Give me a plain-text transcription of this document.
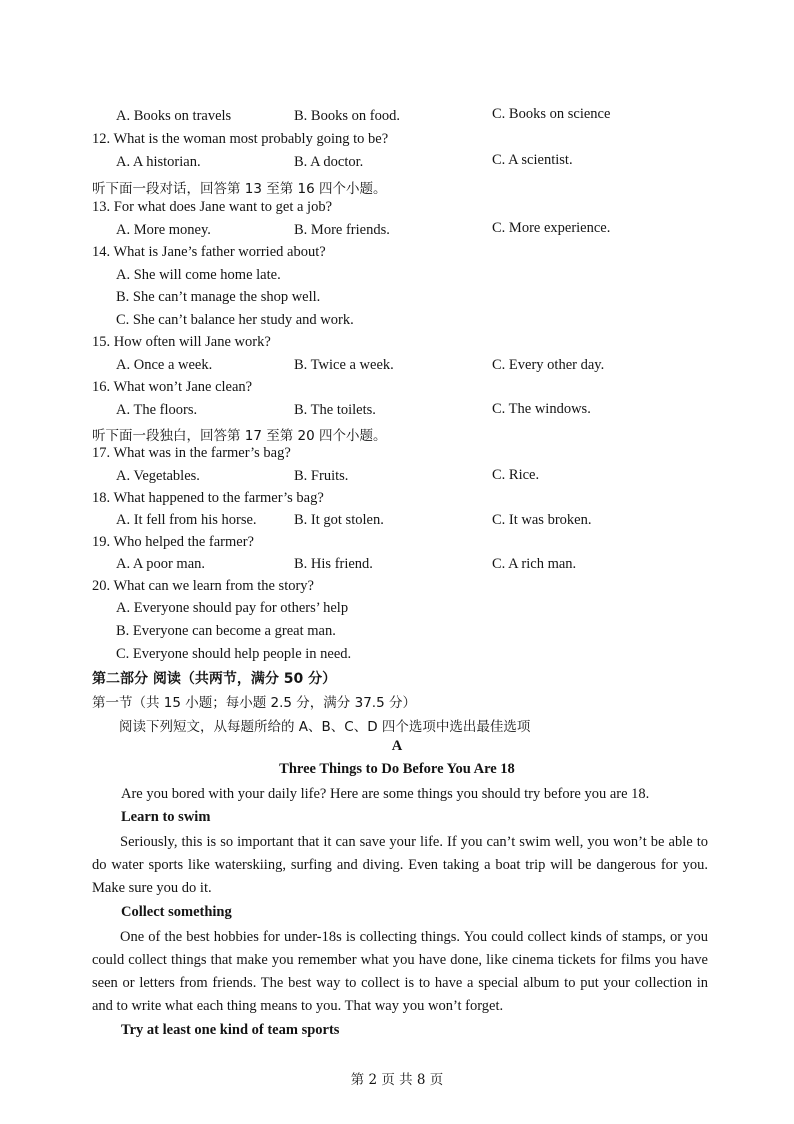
A. Books on travels	B. Books on food.	C. Books on science
12. What is the woman most probably going to be?
A. A historian.	B. A doctor.	C. A scientist.
听下面一段对话，回答第 13 至第 16 四个小题。
13. For what does Jane want to get a job?
A. More money.	B. More friends.	C. More experience.
14. What is Jane’s father worried about?
A. She will come home late.
B. She can’t manage the shop well.
C. She can’t balance her study and work.
15. How often will Jane work?
A. Once a week.	B. Twice a week.	C. Every other day.
16. What won’t Jane clean?
A. The floors.	B. The toilets.	C. The windows.
听下面一段独白，回答第 17 至第 20 四个小题。
17. What was in the farmer’s bag?
A. Vegetables.	B. Fruits.	C. Rice.
18. What happened to the farmer’s bag?
A. It fell from his horse.	B. It got stolen.	C. It was broken.
19. Who helped the farmer?
A. A poor man.	B. His friend.	C. A rich man.
20. What can we learn from the story?
A. Everyone should pay for others’ help
B. Everyone can become a great man.
C. Everyone should help people in need.
第二部分 阅读（共两节，满分 50 分）
第一节（共 15 小题；每小题 2.5 分，满分 37.5 分）
阅读下列短文，从每题所给的 A、B、C、D 四个选项中选出最佳选项
A
Three Things to Do Before You Are 18
Are you bored with your daily life? Here are some things you should try before you are 18.
Learn to swim
Seriously, this is so important that it can save your life. If you can’t swim well, you won’t be able to do water sports like waterskiing, surfing and diving. Even taking a boat trip will be dangerous for you. Make sure you do it.
Collect something
One of the best hobbies for under-18s is collecting things. You could collect kinds of stamps, or you could collect things that make you remember what you have done, like cinema tickets for films you have seen or letters from friends. The best way to collect is to have a special album to put your collection in and to write what each thing means to you. That way you won’t forget.
Try at least one kind of team sports
第 2 页 共 8 页
